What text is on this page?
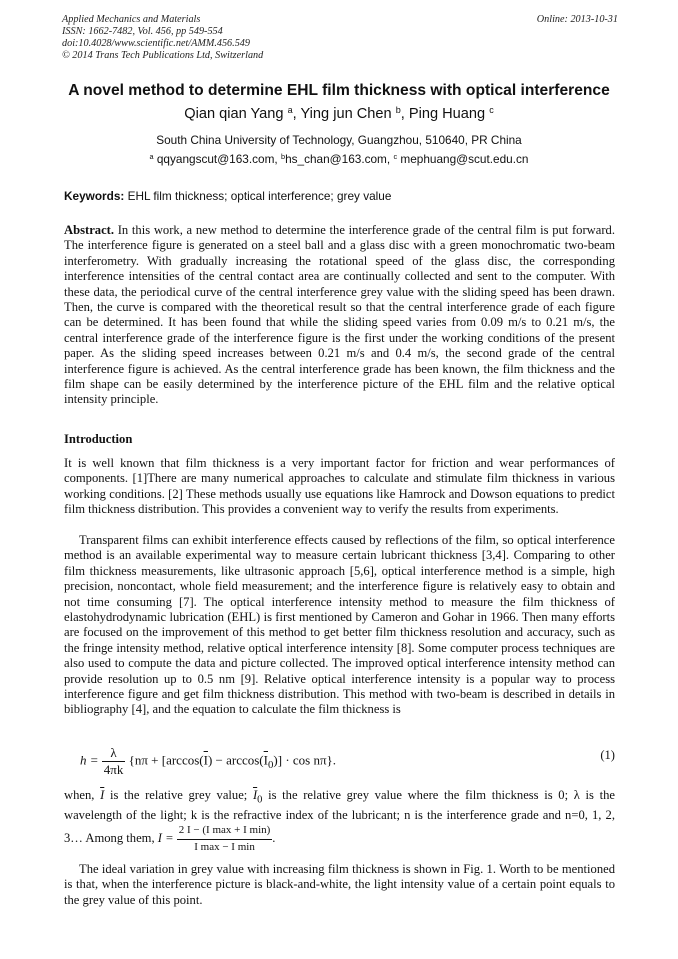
Applied Mechanics and Materials
ISSN: 1662-7482, Vol. 456, pp 549-554
doi:10.4028/www.scientific.net/AMM.456.549
© 2014 Trans Tech Publications Ltd, Switzerland
Online: 2013-10-31
A novel method to determine EHL film thickness with optical interference
Qian qian Yang $^a$, Ying jun Chen $^b$, Ping Huang $^c$
South China University of Technology, Guangzhou, 510640, PR China
$^a$ qqyangscut@163.com, $^b$hs_chan@163.com, $^c$ mephuang@scut.edu.cn
Keywords: EHL film thickness; optical interference; grey value
Abstract. In this work, a new method to determine the interference grade of the central film is put forward. The interference figure is generated on a steel ball and a glass disc with a green monochromatic two-beam interferometry. With gradually increasing the rotational speed of the glass disc, the corresponding interference intensities of the central contact area are continually collected and sent to the computer. With these data, the periodical curve of the central interference grey value with the sliding speed has been drawn. Then, the curve is compared with the theoretical result so that the central interference grade of each figure can be determined. It has been found that while the sliding speed varies from 0.09 m/s to 0.21 m/s, the central interference grade of the interference figure is the first under the working conditions of the present paper. As the sliding speed increases between 0.21 m/s and 0.4 m/s, the second grade of the central interference figure is achieved. As the central interference grade has been known, the film thickness and the film shape can be easily determined by the interference picture of the EHL film and the relative optical intensity principle.
Introduction
It is well known that film thickness is a very important factor for friction and wear performances of components. [1]There are many numerical approaches to calculate and stimulate film thickness in various working conditions. [2] These methods usually use equations like Hamrock and Dowson equations to predict film thickness distribution. This provides a convenient way to verify the results from experiments.
Transparent films can exhibit interference effects caused by reflections of the film, so optical interference method is an available experimental way to measure certain lubricant thickness [3,4]. Comparing to other film thickness measurements, like ultrasonic approach [5,6], optical interference method is a simple, high precision, noncontact, whole field measurement; and the interference figure is relatively easy to obtain and not time consuming [7]. The optical interference intensity method to measure the film thickness of elastohydrodynamic lubrication (EHL) is first mentioned by Cameron and Gohar in 1966. Then many efforts are focused on the improvement of this method to get better film thickness resolution and accuracy, such as the fringe intensity method, relative optical interference intensity [8]. Some computer process techniques are also used to compute the data and picture collected. The improved optical interference intensity method can provide resolution up to 0.5 nm [9]. Relative optical interference intensity is a popular way to process interference figure and get film thickness distribution. This method with two-beam is described in details in bibliography [4], and the equation to calculate the film thickness is
$h = \frac{\lambda}{4\pi k} \{n\pi + [\arccos(\overline{I}) - \arccos(\overline{I}_0)] \cdot \cos n\pi\}$.	(1)
when, $\overline{I}$ is the relative grey value; $\overline{I}_0$ is the relative grey value where the film thickness is 0; λ is the wavelength of the light; k is the refractive index of the lubricant; n is the interference grade and n=0, 1, 2, 3… Among them, $I = \frac{\text{2 I − (I max + I min)}}{\text{I max − I min}}$ .
The ideal variation in grey value with increasing film thickness is shown in Fig. 1. Worth to be mentioned is that, when the interference picture is black-and-white, the light intensity value of a certain point equals to the grey value of this point.
